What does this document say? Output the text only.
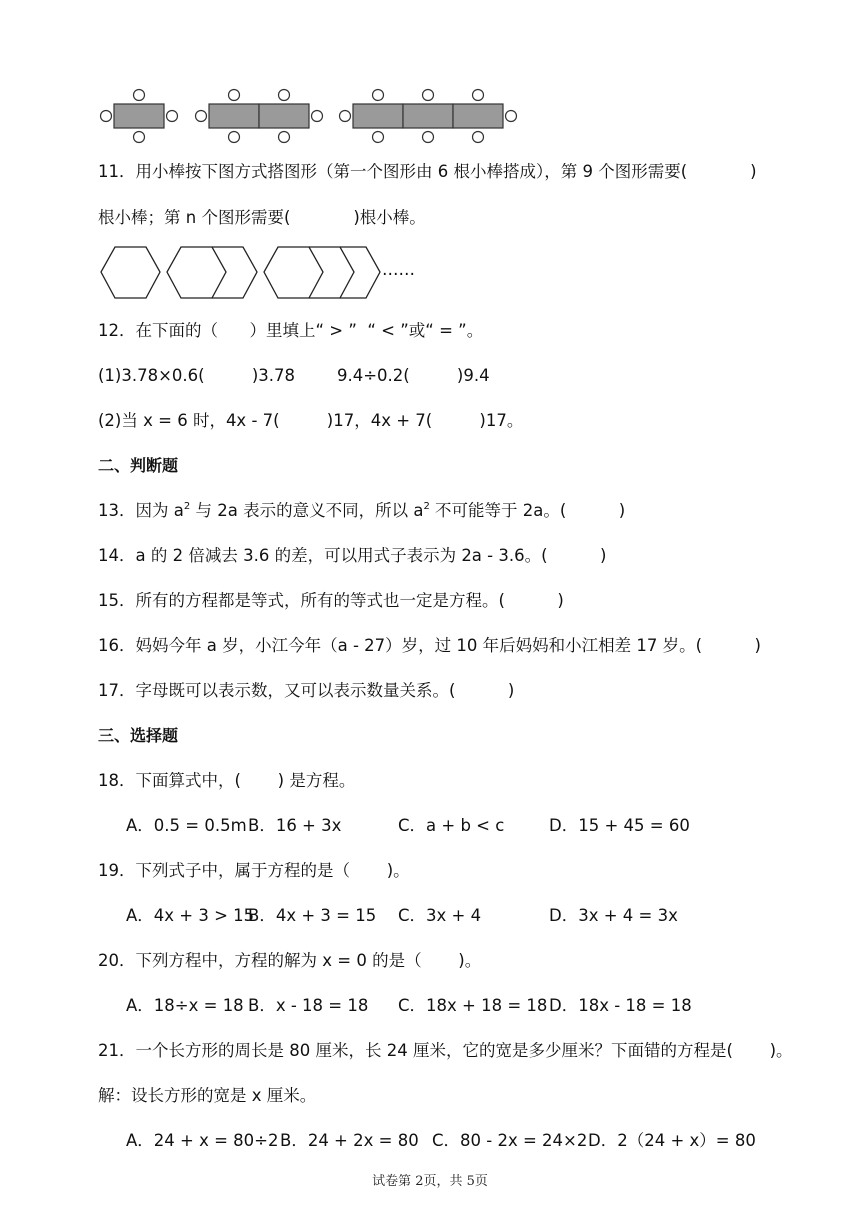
11．用小棒按下图方式搭图形（第一个图形由 6 根小棒搭成），第 9 个图形需要(            )
根小棒；第 n 个图形需要(            )根小棒。
……
12．在下面的（      ）里填上“ > ”  “ < ”或“ = ”。
(1)3.78×0.6(         )3.78        9.4÷0.2(         )9.4
(2)当 x = 6 时，4x - 7(         )17，4x + 7(         )17。
二、判断题
13．因为 $a^2$ 与 2a 表示的意义不同，所以 $a^2$ 不可能等于 2a。(          )
14．a 的 2 倍减去 3.6 的差，可以用式子表示为 2a - 3.6。(          )
15．所有的方程都是等式，所有的等式也一定是方程。(          )
16．妈妈今年 a 岁，小江今年（a - 27）岁，过 10 年后妈妈和小江相差 17 岁。(          )
17．字母既可以表示数，又可以表示数量关系。(          )
三、选择题
18．下面算式中，(       ) 是方程。
A．0.5 = 0.5m B．16 + 3x	C．a + b < c	D．15 + 45 = 60
19．下列式子中，属于方程的是（       )。
A．4x + 3 > 15
B．4x + 3 = 15 C．3x + 4	D．3x + 4 = 3x
20．下列方程中，方程的解为 x = 0 的是（       )。
A．18÷x = 18 B．x - 18 = 18 C．18x + 18 = 18 D．18x - 18 = 18
21．一个长方形的周长是 80 厘米，长 24 厘米，它的宽是多少厘米？下面错的方程是(       )。
解：设长方形的宽是 x 厘米。
A．24 + x = 80÷2 B．24 + 2x = 80 C．80 - 2x = 24×2 D．2（24 + x）= 80
试卷第 2页，共 5页
